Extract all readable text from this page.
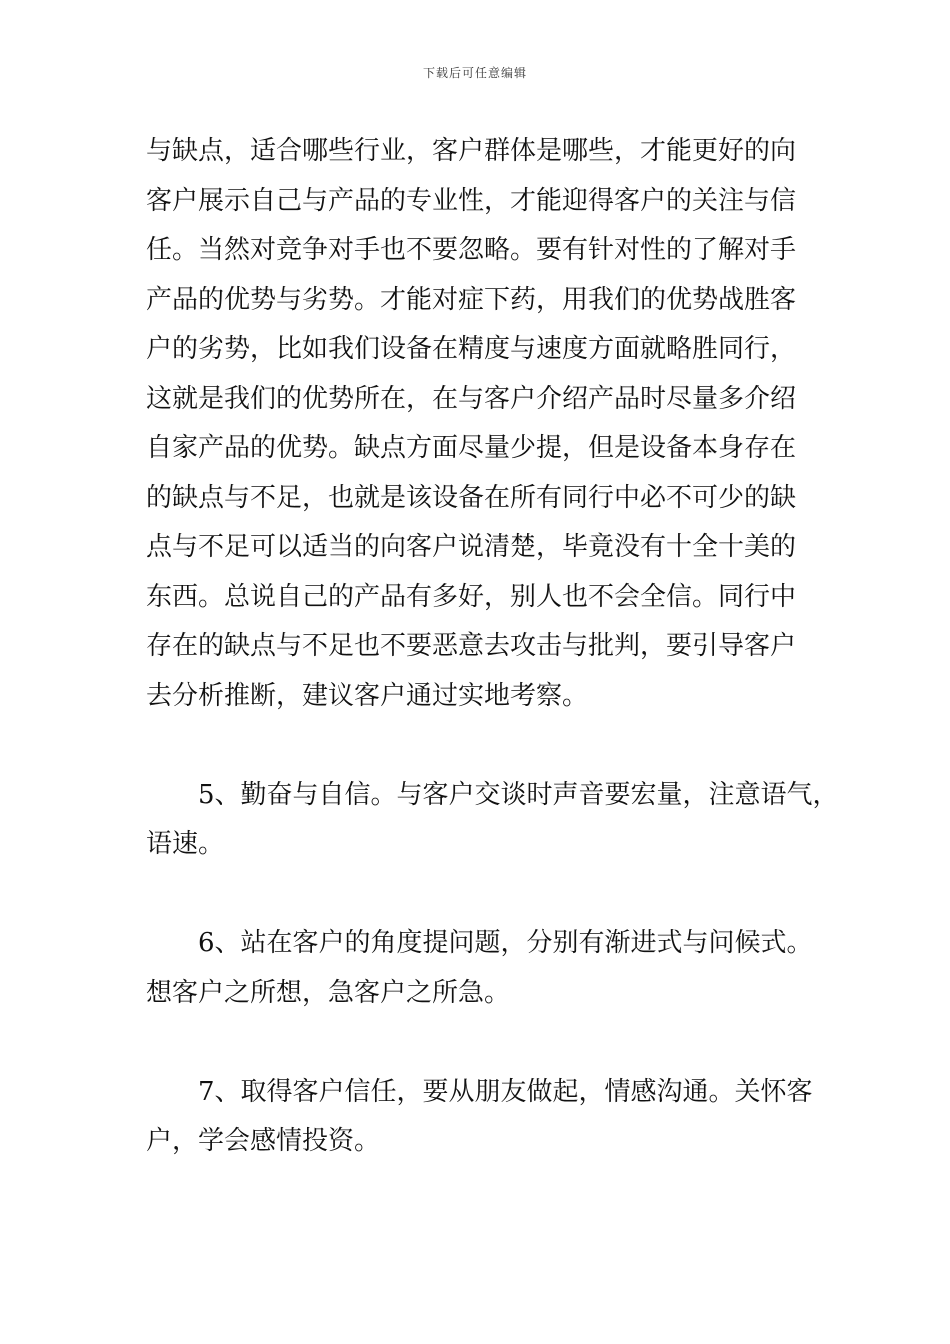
下载后可任意编辑
与缺点，适合哪些行业，客户群体是哪些，才能更好的向
客户展示自己与产品的专业性，才能迎得客户的关注与信
任。当然对竞争对手也不要忽略。要有针对性的了解对手
产品的优势与劣势。才能对症下药，用我们的优势战胜客
户的劣势，比如我们设备在精度与速度方面就略胜同行，
这就是我们的优势所在，在与客户介绍产品时尽量多介绍
自家产品的优势。缺点方面尽量少提，但是设备本身存在
的缺点与不足，也就是该设备在所有同行中必不可少的缺
点与不足可以适当的向客户说清楚，毕竟没有十全十美的
东西。总说自己的产品有多好，别人也不会全信。同行中
存在的缺点与不足也不要恶意去攻击与批判，要引导客户
去分析推断，建议客户通过实地考察。
5、勤奋与自信。与客户交谈时声音要宏量，注意语气，
语速。
6、站在客户的角度提问题，分别有渐进式与问候式。
想客户之所想，急客户之所急。
7、取得客户信任，要从朋友做起，情感沟通。关怀客
户，学会感情投资。
